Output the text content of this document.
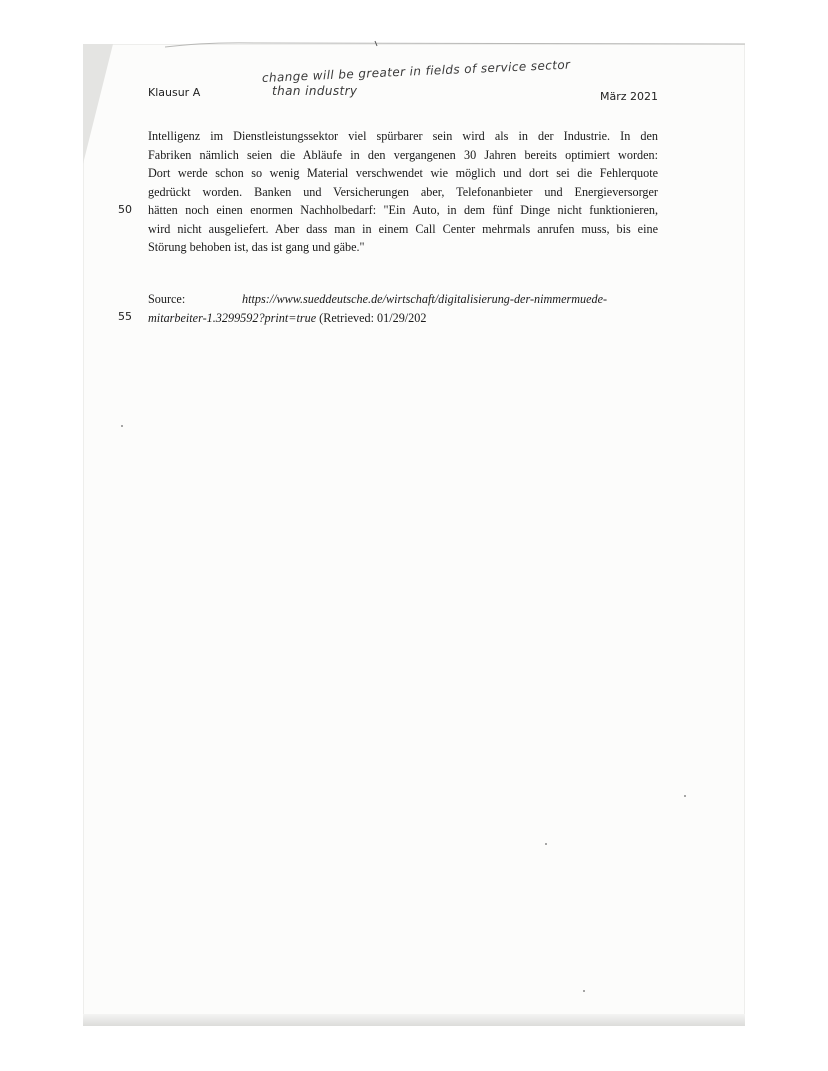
Klausur A	März 2021

change will be greater in fields of service sector
than industry
Intelligenz im Dienstleistungssektor viel spürbarer sein wird als in der Industrie. In den
Fabriken nämlich seien die Abläufe in den vergangenen 30 Jahren bereits optimiert worden:
Dort werde schon so wenig Material verschwendet wie möglich und dort sei die Fehlerquote
gedrückt worden. Banken und Versicherungen aber, Telefonanbieter und Energieversorger
hätten noch einen enormen Nachholbedarf: "Ein Auto, in dem fünf Dinge nicht funktionieren,
wird nicht ausgeliefert. Aber dass man in einem Call Center mehrmals anrufen muss, bis eine
Störung behoben ist, das ist gang und gäbe."

50

55

Source:	https://www.sueddeutsche.de/wirtschaft/digitalisierung-der-nimmermuede-
mitarbeiter-1.3299592?print=true (Retrieved: 01/29/202
